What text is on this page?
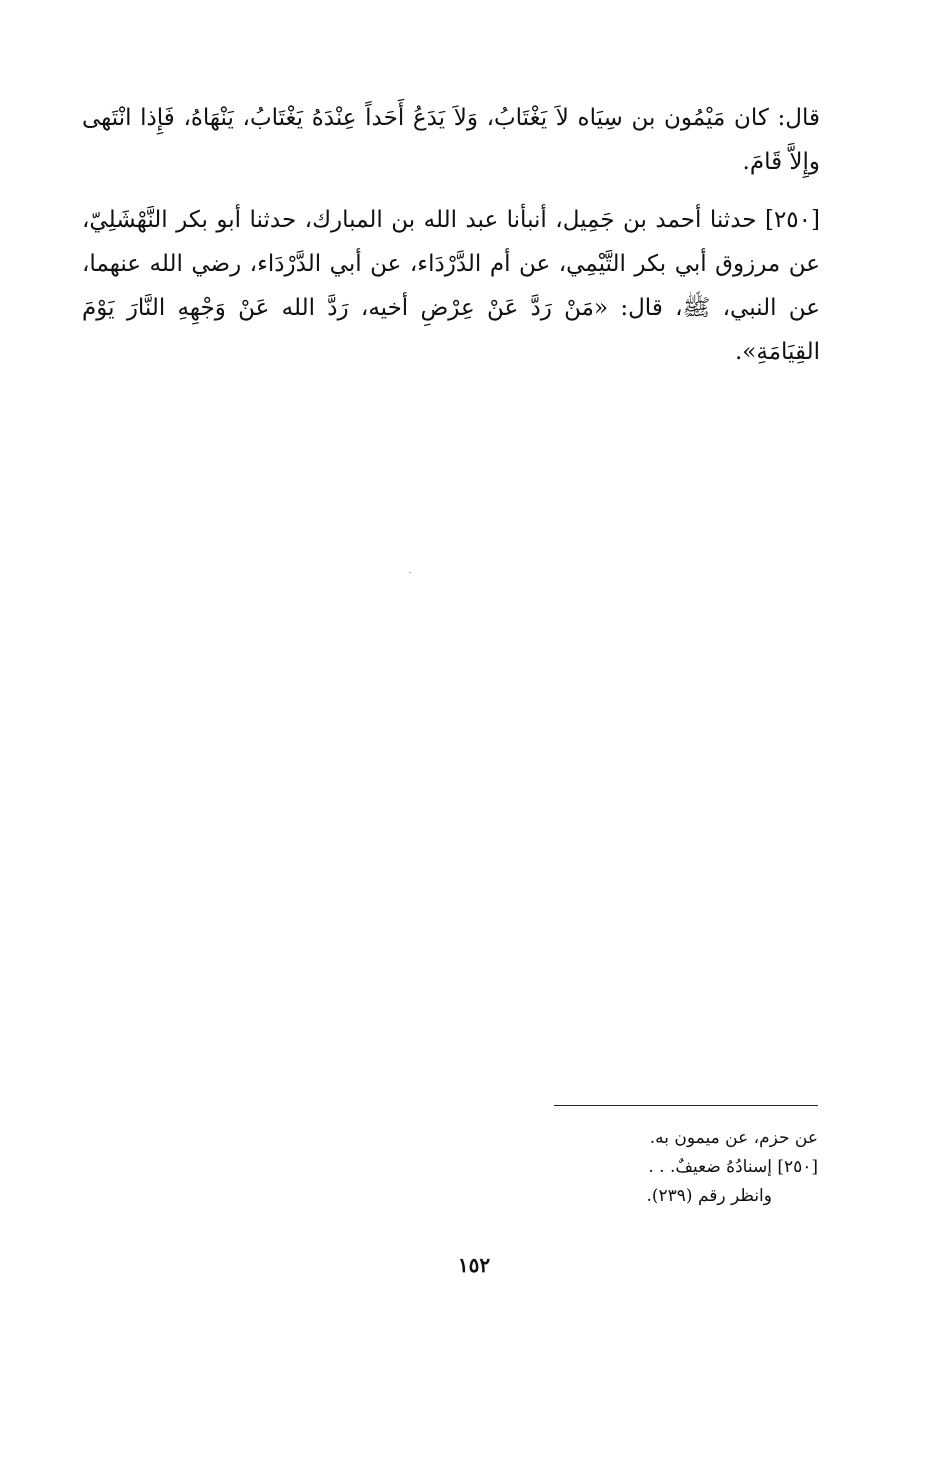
قال: كان مَيْمُون بن سِيَاه لاَ يَغْتَابُ، وَلاَ يَدَعُ أَحَداً عِنْدَهُ يَغْتَابُ، يَنْهَاهُ، فَإِذا انْتَهى وإِلاَّ قَامَ.

[٢٥٠] حدثنا أحمد بن جَمِيل، أنبأنا عبد الله بن المبارك، حدثنا أبو بكر النَّهْشَلِيّ، عن مرزوق أبي بكر التَّيْمِي، عن أم الدَّرْدَاء، عن أبي الدَّرْدَاء، رضي الله عنهما، عن النبي، ﷺ، قال: «مَنْ رَدَّ عَنْ عِرْضِ أخيه، رَدَّ الله عَنْ وَجْهِهِ النَّارَ يَوْمَ القِيَامَةِ».

عن حزم، عن ميمون به.
[٢٥٠] إسنادُهُ ضعيفٌ. . .
وانظر رقم (٢٣٩).
١٥٢
